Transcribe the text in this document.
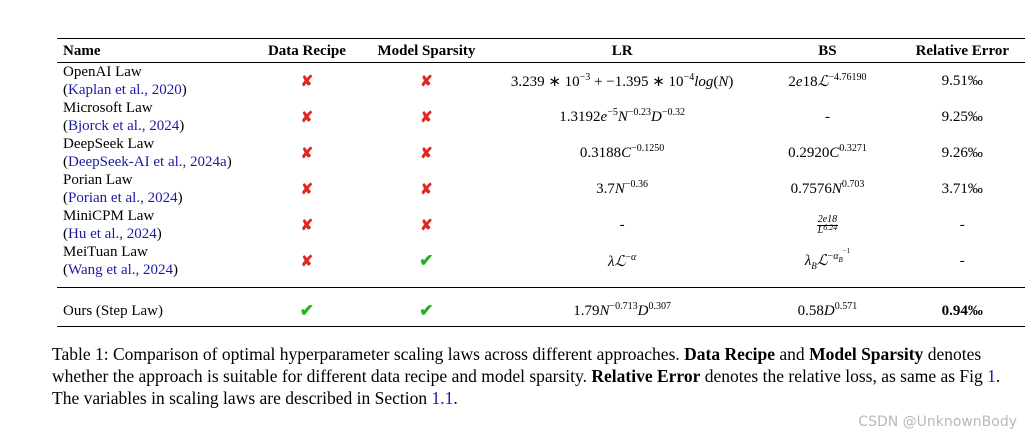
Name	Data Recipe	Model Sparsity	LR	BS	Relative Error

OpenAI Law
(Kaplan et al., 2020)	✘	✘	3.239 ∗ $10^{-3} + -1.395$ ∗ $10^{-4}\log(N)$	2e18ℒ$^{-4.76190}$	9.51‰

Microsoft Law
(Bjorck et al., 2024)	✘	✘	$1.3192e^{-5}N^{-0.23}D^{-0.32}$	-	9.25‰

DeepSeek Law
(DeepSeek-AI et al., 2024a)	✘	✘	$0.3188C^{-0.1250}$	$0.2920C^{0.3271}$	9.26‰

Porian Law
(Porian et al., 2024)	✘	✘	$3.7N^{-0.36}$	$0.7576N^{0.703}$	3.71‰

MiniCPM Law
(Hu et al., 2024)	✘	✘	-	$\frac{2e18}{L^{6.24}}$	-

MeiTuan Law
(Wang et al., 2024)	✘	✔	λℒ$^{-\alpha}$	$\lambda_Bℒ^{-\alpha_B^{-1}}$	-

Ours (Step Law)	✔	✔	$1.79N^{-0.713}D^{0.307}$	$0.58D^{0.571}$	0.94‰
Table 1: Comparison of optimal hyperparameter scaling laws across different approaches. Data Recipe and Model Sparsity denotes whether the approach is suitable for different data recipe and model sparsity. Relative Error denotes the relative loss, as same as Fig 1. The variables in scaling laws are described in Section 1.1.
CSDN @UnknownBody
